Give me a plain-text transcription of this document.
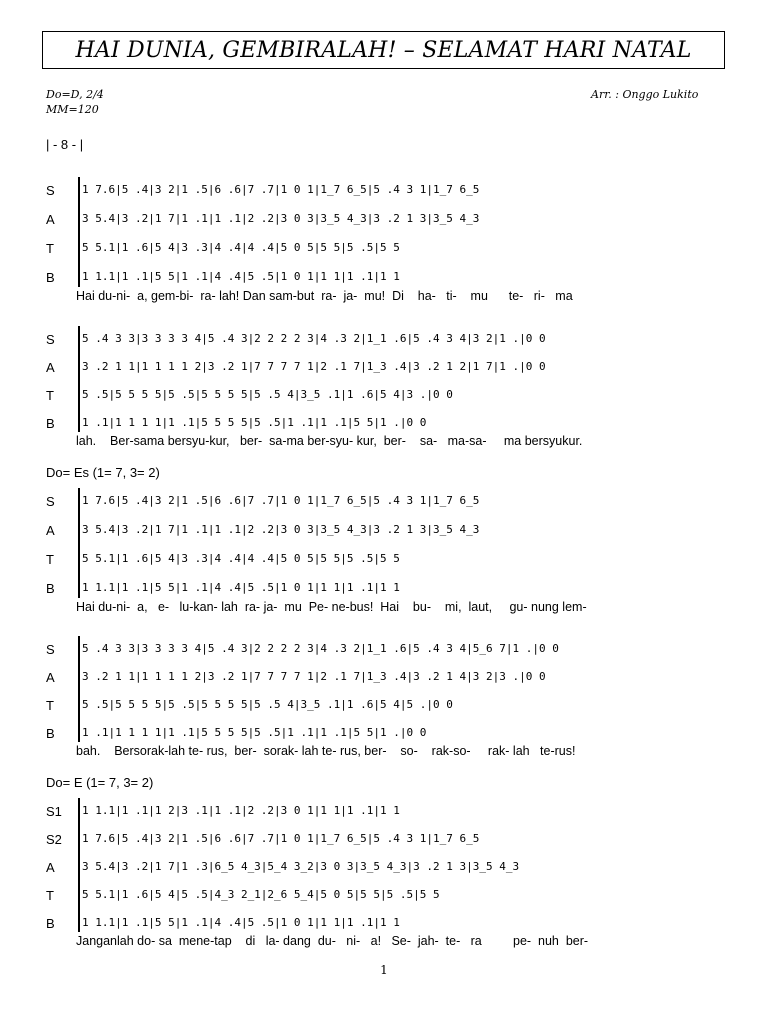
HAI DUNIA, GEMBIRALAH! – SELAMAT HARI NATAL
Do=D, 2/4
MM=120
Arr. : Onggo Lukito
| - 8 - |
S 1 7.6|5 .4|3 2|1 .5|6 .6|7 .7|1 0 1|1_7 6_5|5 .4 3 1|1_7 6_5
A 3 5.4|3 .2|1 7|1 .1|1 .1|2 .2|3 0 3|3_5 4_3|3 .2 1 3|3_5 4_3
T	5 5.1|1 .6|5 4|3 .3|4 .4|4 .4|5 0 5|5 5|5 .5|5 5
B 1 1.1|1 .1|5 5|1 .1|4 .4|5 .5|1 0 1|1 1|1 .1|1 1
Hai du-ni-  a, gem-bi-  ra- lah! Dan sam-but  ra-  ja-  mu!  Di    ha-   ti-    mu      te-   ri-   ma
S 5 .4 3 3|3 3 3 3 4|5 .4 3|2 2 2 2 3|4 .3 2|1_1 .6|5 .4 3 4|3 2|1 .|0 0
A 3 .2 1 1|1 1 1 1 2|3 .2 1|7 7 7 7 1|2 .1 7|1_3 .4|3 .2 1 2|1 7|1 .|0 0
T	5 .5|5 5 5 5|5 .5|5 5 5 5|5 .5 4|3_5 .1|1 .6|5 4|3 .|0 0
B 1 .1|1 1 1 1|1 .1|5 5 5 5|5 .5|1 .1|1 .1|5 5|1 .|0 0
lah.    Ber-sama bersyu-kur,   ber-  sa-ma ber-syu- kur,  ber-    sa-   ma-sa-     ma bersyukur.
Do= Es (1= 7, 3= 2)
S 1 7.6|5 .4|3 2|1 .5|6 .6|7 .7|1 0 1|1_7 6_5|5 .4 3 1|1_7 6_5
A 3 5.4|3 .2|1 7|1 .1|1 .1|2 .2|3 0 3|3_5 4_3|3 .2 1 3|3_5 4_3
T	5 5.1|1 .6|5 4|3 .3|4 .4|4 .4|5 0 5|5 5|5 .5|5 5
B 1 1.1|1 .1|5 5|1 .1|4 .4|5 .5|1 0 1|1 1|1 .1|1 1
Hai du-ni-  a,   e-   lu-kan- lah  ra- ja-  mu  Pe- ne-bus!  Hai    bu-    mi,  laut,     gu- nung lem-
S 5 .4 3 3|3 3 3 3 4|5 .4 3|2 2 2 2 3|4 .3 2|1_1 .6|5 .4 3 4|5_6 7|1 .|0 0
A 3 .2 1 1|1 1 1 1 2|3 .2 1|7 7 7 7 1|2 .1 7|1_3 .4|3 .2 1 4|3 2|3 .|0 0
T	5 .5|5 5 5 5|5 .5|5 5 5 5|5 .5 4|3_5 .1|1 .6|5 4|5 .|0 0
B 1 .1|1 1 1 1|1 .1|5 5 5 5|5 .5|1 .1|1 .1|5 5|1 .|0 0
bah.    Bersorak-lah te- rus,  ber-  sorak- lah te- rus, ber-    so-    rak-so-     rak- lah   te-rus!
Do= E (1= 7, 3= 2)
S1 1 1.1|1 .1|1 2|3 .1|1 .1|2 .2|3 0 1|1 1|1 .1|1 1
S2 1 7.6|5 .4|3 2|1 .5|6 .6|7 .7|1 0 1|1_7 6_5|5 .4 3 1|1_7 6_5
A 3 5.4|3 .2|1 7|1 .3|6_5 4_3|5_4 3_2|3 0 3|3_5 4_3|3 .2 1 3|3_5 4_3
T	5 5.1|1 .6|5 4|5 .5|4_3 2_1|2_6 5_4|5 0 5|5 5|5 .5|5 5
B 1 1.1|1 .1|5 5|1 .1|4 .4|5 .5|1 0 1|1 1|1 .1|1 1
Janganlah do- sa  mene-tap    di   la- dang  du-   ni-   a!   Se-  jah-  te-   ra         pe-  nuh  ber-
1
